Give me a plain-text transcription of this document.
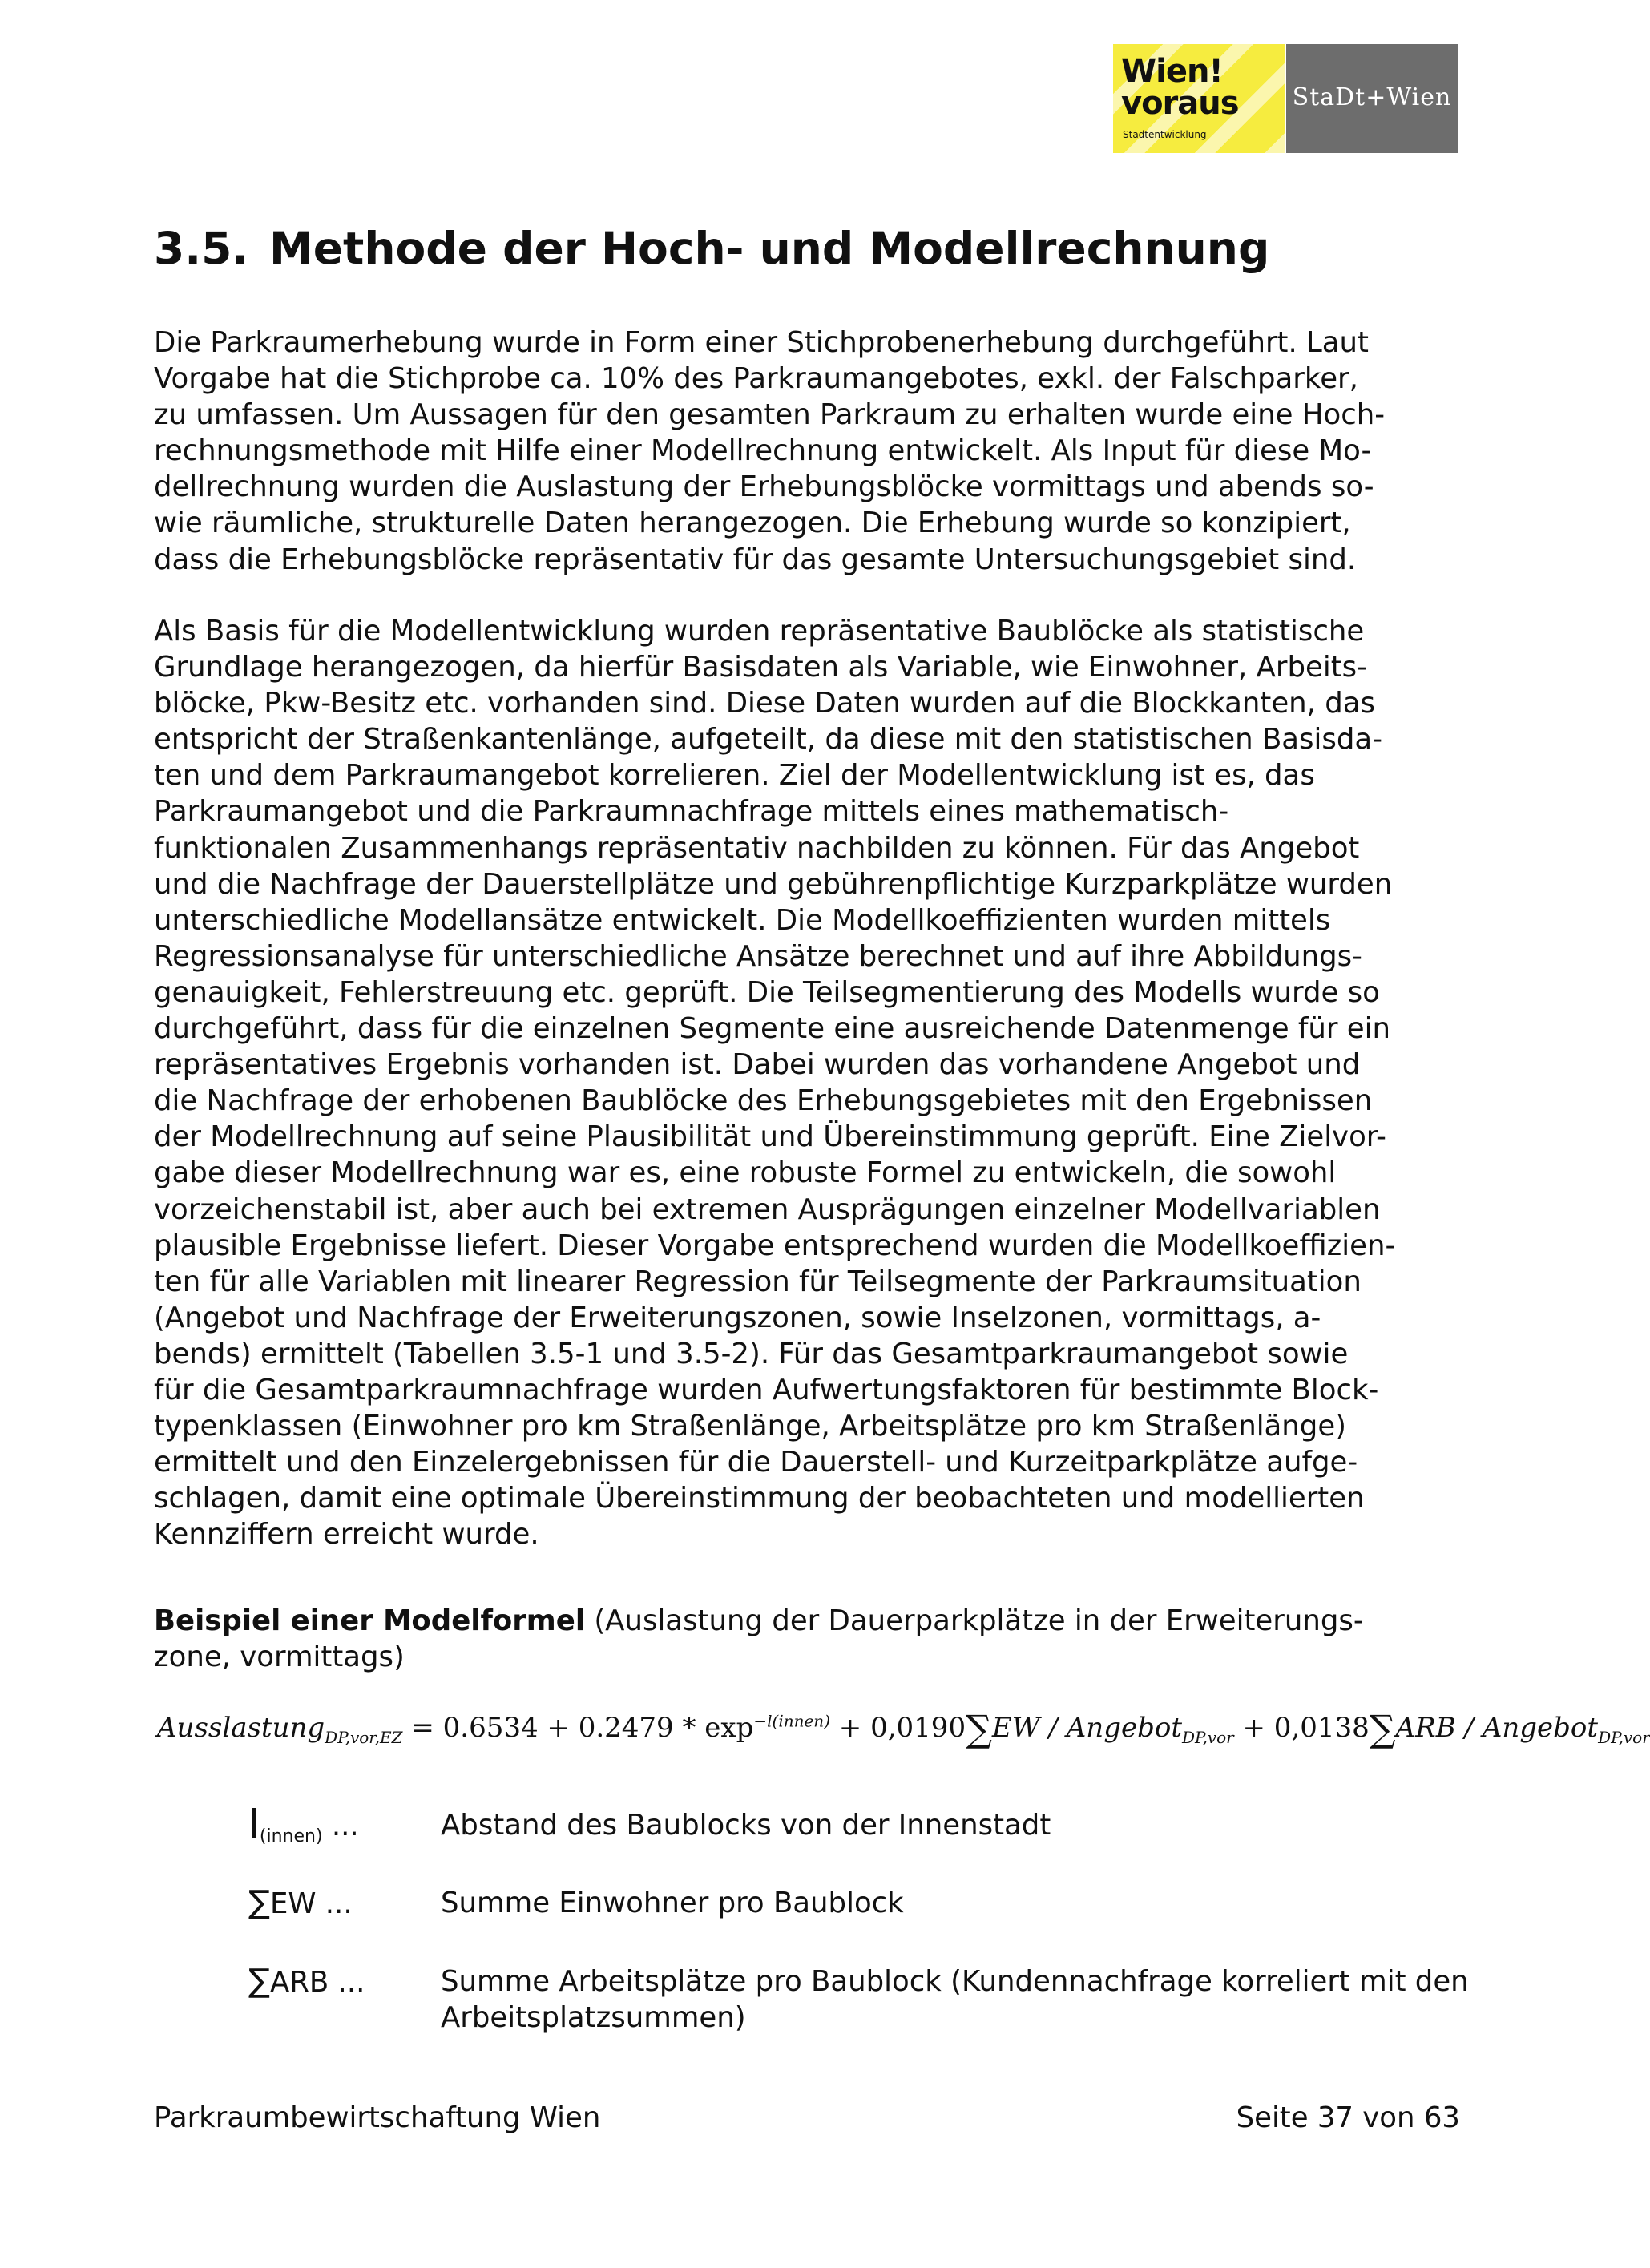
Wien!
voraus
Stadtentwicklung
StaDt+Wien
3.5. Methode der Hoch- und Modellrechnung
Die Parkraumerhebung wurde in Form einer Stichprobenerhebung durchgeführt. Laut
Vorgabe hat die Stichprobe ca. 10% des Parkraumangebotes, exkl. der Falschparker,
zu umfassen. Um Aussagen für den gesamten Parkraum zu erhalten wurde eine Hoch-
rechnungsmethode mit Hilfe einer Modellrechnung entwickelt. Als Input für diese Mo-
dellrechnung wurden die Auslastung der Erhebungsblöcke vormittags und abends so-
wie räumliche, strukturelle Daten herangezogen. Die Erhebung wurde so konzipiert,
dass die Erhebungsblöcke repräsentativ für das gesamte Untersuchungsgebiet sind.
Als Basis für die Modellentwicklung wurden repräsentative Baublöcke als statistische
Grundlage herangezogen, da hierfür Basisdaten als Variable, wie Einwohner, Arbeits-
blöcke, Pkw-Besitz etc. vorhanden sind. Diese Daten wurden auf die Blockkanten, das
entspricht der Straßenkantenlänge, aufgeteilt, da diese mit den statistischen Basisda-
ten und dem Parkraumangebot korrelieren. Ziel der Modellentwicklung ist es, das
Parkraumangebot und die Parkraumnachfrage mittels eines mathematisch-
funktionalen Zusammenhangs repräsentativ nachbilden zu können. Für das Angebot
und die Nachfrage der Dauerstellplätze und gebührenpflichtige Kurzparkplätze wurden
unterschiedliche Modellansätze entwickelt. Die Modellkoeffizienten wurden mittels
Regressionsanalyse für unterschiedliche Ansätze berechnet und auf ihre Abbildungs-
genauigkeit, Fehlerstreuung etc. geprüft. Die Teilsegmentierung des Modells wurde so
durchgeführt, dass für die einzelnen Segmente eine ausreichende Datenmenge für ein
repräsentatives Ergebnis vorhanden ist. Dabei wurden das vorhandene Angebot und
die Nachfrage der erhobenen Baublöcke des Erhebungsgebietes mit den Ergebnissen
der Modellrechnung auf seine Plausibilität und Übereinstimmung geprüft. Eine Zielvor-
gabe dieser Modellrechnung war es, eine robuste Formel zu entwickeln, die sowohl
vorzeichenstabil ist, aber auch bei extremen Ausprägungen einzelner Modellvariablen
plausible Ergebnisse liefert. Dieser Vorgabe entsprechend wurden die Modellkoeffizien-
ten für alle Variablen mit linearer Regression für Teilsegmente der Parkraumsituation
(Angebot und Nachfrage der Erweiterungszonen, sowie Inselzonen, vormittags, a-
bends) ermittelt (Tabellen 3.5-1 und 3.5-2). Für das Gesamtparkraumangebot sowie
für die Gesamtparkraumnachfrage wurden Aufwertungsfaktoren für bestimmte Block-
typenklassen (Einwohner pro km Straßenlänge, Arbeitsplätze pro km Straßenlänge)
ermittelt und den Einzelergebnissen für die Dauerstell- und Kurzeitparkplätze aufge-
schlagen, damit eine optimale Übereinstimmung der beobachteten und modellierten
Kennziffern erreicht wurde.
Beispiel einer Modelformel (Auslastung der Dauerparkplätze in der Erweiterungs-
zone, vormittags)
Ausslastung$_{DP,vor,EZ}$ = $0.6534 + 0.2479 * \exp^{-l(innen)} + 0,0190\sum EW$ / Angebot$_{DP,vor}$ + 0,0138∑ARB / Angebot$_{DP,vor}$
$l_{(innen)}$ ...	Abstand des Baublocks von der Innenstadt
∑EW ...	Summe Einwohner pro Baublock
∑ARB ...	Summe Arbeitsplätze pro Baublock (Kundennachfrage korreliert mit den Arbeitsplatzsummen)
Parkraumbewirtschaftung Wien	Seite 37 von 63
